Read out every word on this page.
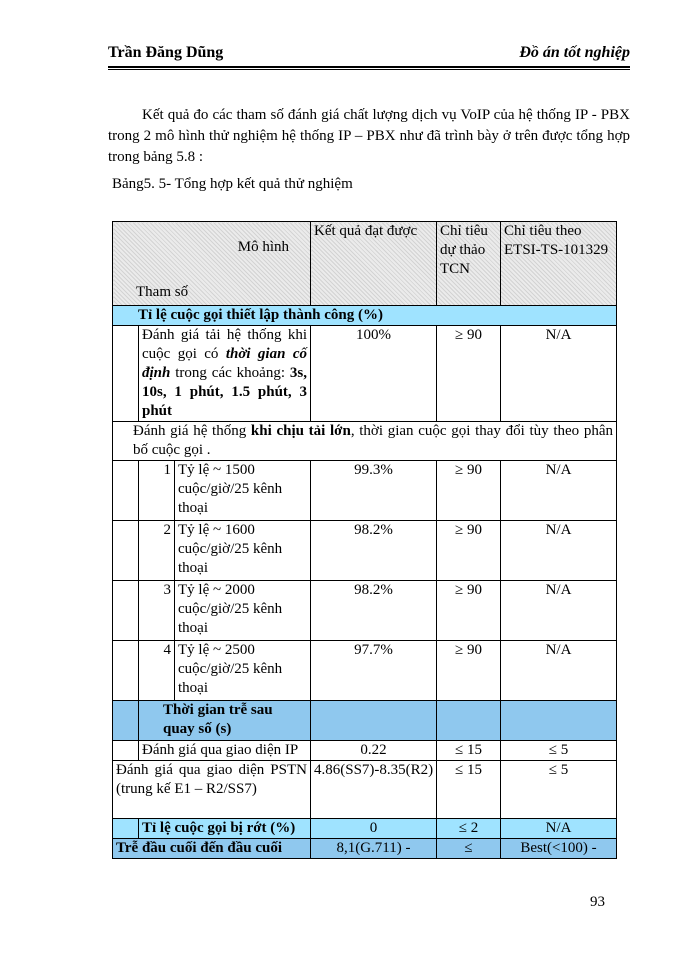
Trần Đăng Dũng	Đồ án tốt nghiệp

Kết quả đo các tham số đánh giá chất lượng dịch vụ VoIP của hệ thống IP - PBX trong 2 mô hình thử nghiệm hệ thống IP – PBX như đã trình bày ở trên được tổng hợp trong bảng 5.8 :

Bảng5. 5- Tổng hợp kết quả thử nghiệm
Mô hình
Tham số			Kết quả đạt được	Chỉ tiêu dự thảo TCN	Chỉ tiêu theo ETSI-TS-101329
Tỉ lệ cuộc gọi thiết lập thành công (%)					
	Đánh giá tải hệ thống khi cuộc gọi có thời gian cố định trong các khoảng: 3s, 10s, 1 phút, 1.5 phút, 3 phút		100%	≥ 90	N/A
Đánh giá hệ thống khi chịu tải lớn, thời gian cuộc gọi thay đổi tùy theo phân bố cuộc gọi .					
	1	Tỷ lệ ~ 1500 cuộc/giờ/25 kênh thoại	99.3%	≥ 90	N/A
	2	Tỷ lệ ~ 1600 cuộc/giờ/25 kênh thoại	98.2%	≥ 90	N/A
	3	Tỷ lệ ~ 2000 cuộc/giờ/25 kênh thoại	98.2%	≥ 90	N/A
	4	Tỷ lệ ~ 2500 cuộc/giờ/25 kênh thoại	97.7%	≥ 90	N/A
	Thời gian trễ sau quay số (s)				
	Đánh giá qua giao diện IP		0.22	≤ 15	≤ 5
Đánh giá qua giao diện PSTN (trung kế E1 – R2/SS7)			4.86(SS7)-8.35(R2)	≤ 15	≤ 5
	Tỉ lệ cuộc gọi bị rớt (%)		0	≤ 2	N/A
Trễ đầu cuối đến đầu cuối			8,1(G.711) -	≤	Best(<100) -
93
